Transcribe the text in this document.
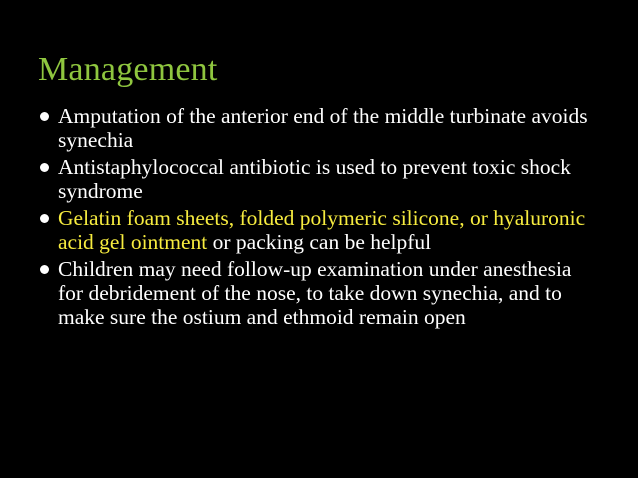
Management
Amputation of the anterior end of the middle turbinate avoids synechia
Antistaphylococcal antibiotic is used to prevent toxic shock syndrome
Gelatin foam sheets, folded polymeric silicone, or hyaluronic acid gel ointment or packing can be helpful
Children may need follow-up examination under anesthesia for debridement of the nose, to take down synechia, and to make sure the ostium and ethmoid remain open
